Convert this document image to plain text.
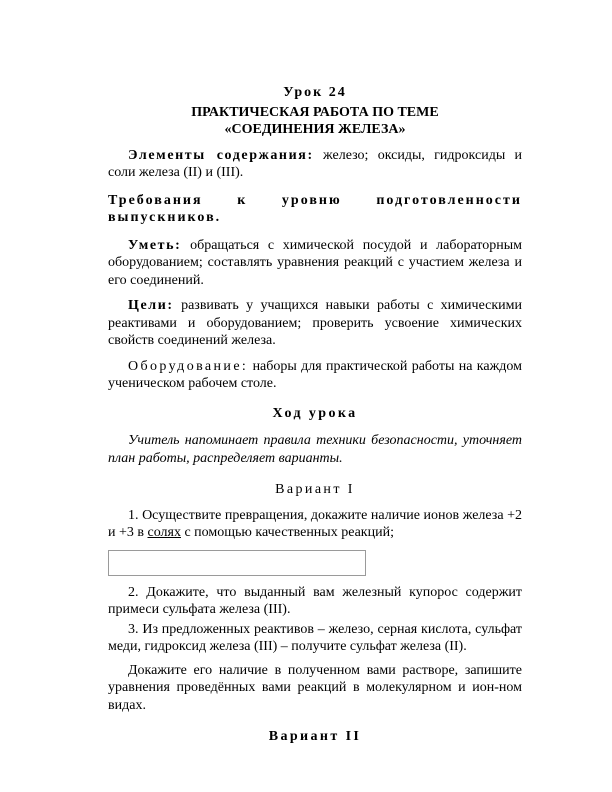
Урок 24
ПРАКТИЧЕСКАЯ РАБОТА ПО ТЕМЕ
«СОЕДИНЕНИЯ ЖЕЛЕЗА»

Элементы содержания: железо; оксиды, гидроксиды и соли железа (II) и (III).

Требования к уровню подготовленности
выпускников.

Уметь: обращаться с химической посудой и лабораторным оборудованием; составлять уравнения реакций с участием железа и его соединений.

Цели: развивать у учащихся навыки работы с химическими реактивами и оборудованием; проверить усвоение химических свойств соединений железа.

Оборудование: наборы для практической работы на каждом ученическом рабочем столе.

Ход урока

Учитель напоминает правила техники безопасности, уточняет план работы, распределяет варианты.

Вариант I

1. Осуществите превращения, докажите наличие ионов железа +2 и +3 в солях с помощью качественных реакций;

2. Докажите, что выданный вам железный купорос содержит примеси сульфата железа (III).

3. Из предложенных реактивов – железо, серная кислота, сульфат меди, гидроксид железа (III) – получите сульфат железа (II).

Докажите его наличие в полученном вами растворе, запишите уравнения проведённых вами реакций в молекулярном и ион-ном видах.

Вариант II
